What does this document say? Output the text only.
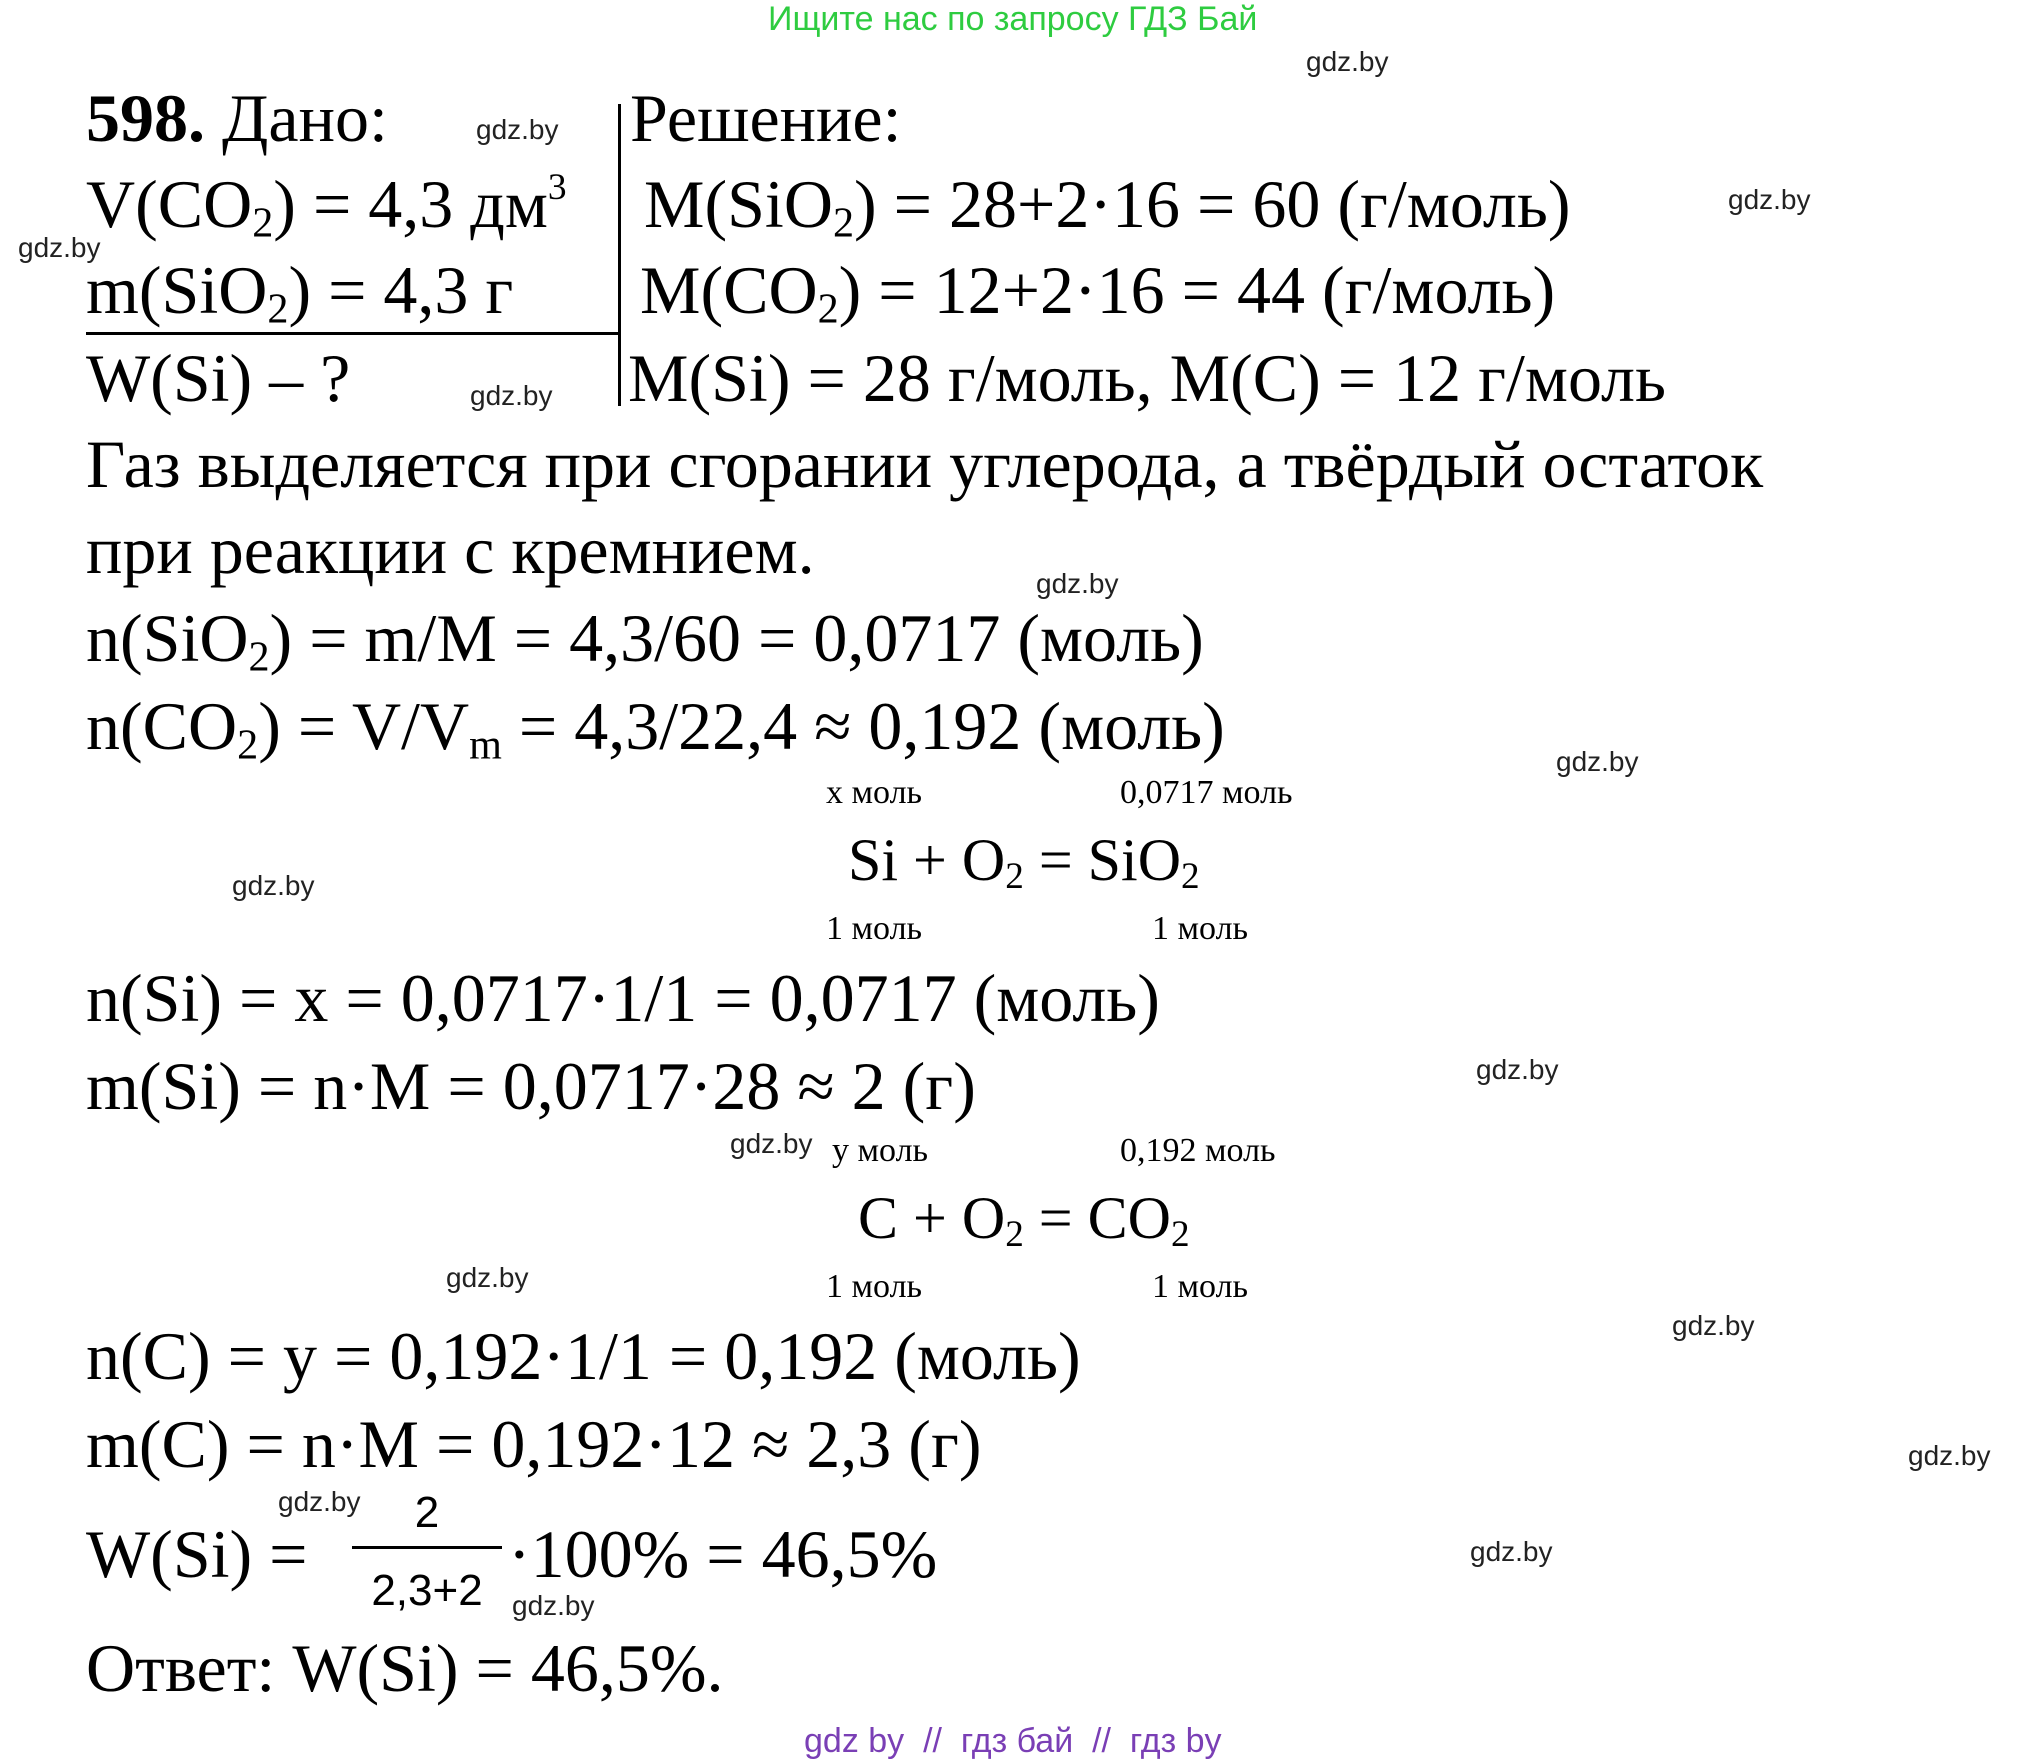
Ищите нас по запросу ГДЗ Бай
gdz.by
gdz.by
gdz.by
gdz.by
gdz.by
gdz.by
gdz.by
gdz.by
gdz.by
gdz.by
gdz.by
gdz.by
gdz.by
gdz.by
gdz.by
gdz.by
598. Дано:
$V(CO_2) = 4,3$ $дм^3$
m(SiO$_2$) = 4,3 г
W(Si) – ?
Решение:
M(SiO$_2$) = 28+2·16 = 60 (г/моль)
$M(CO_2) = 12+2\cdot 16 = 44$ (г/моль)
M(Si) = 28 г/моль, M(C) = 12 г/моль
Газ выделяется при сгорании углерода, а твёрдый остаток
при реакции с кремнием.
n(SiO$_2$) = m/M = 4,3/60 = 0,0717 (моль)
$n(CO_2) = V/V_m = 4,3/22,4 \approx 0,192$ (моль)
x моль	0,0717 моль
$Si + O_2 = SiO_2$
1 моль	1 моль
n(Si) = x = 0,0717·1/1 = 0,0717 (моль)
m(Si) = n·M = 0,0717·28 ≈ 2 (г)
y моль	0,192 моль
$C + O_2 = CO_2$
1 моль	1 моль
n(C) = y = 0,192·1/1 = 0,192 (моль)
m(C) = n·M = 0,192·12 ≈ 2,3 (г)
W(Si) =
2
2,3+2 ·100% = 46,5%
Ответ: W(Si) = 46,5%.
gdz by  //  гдз бай  //  гдз by
